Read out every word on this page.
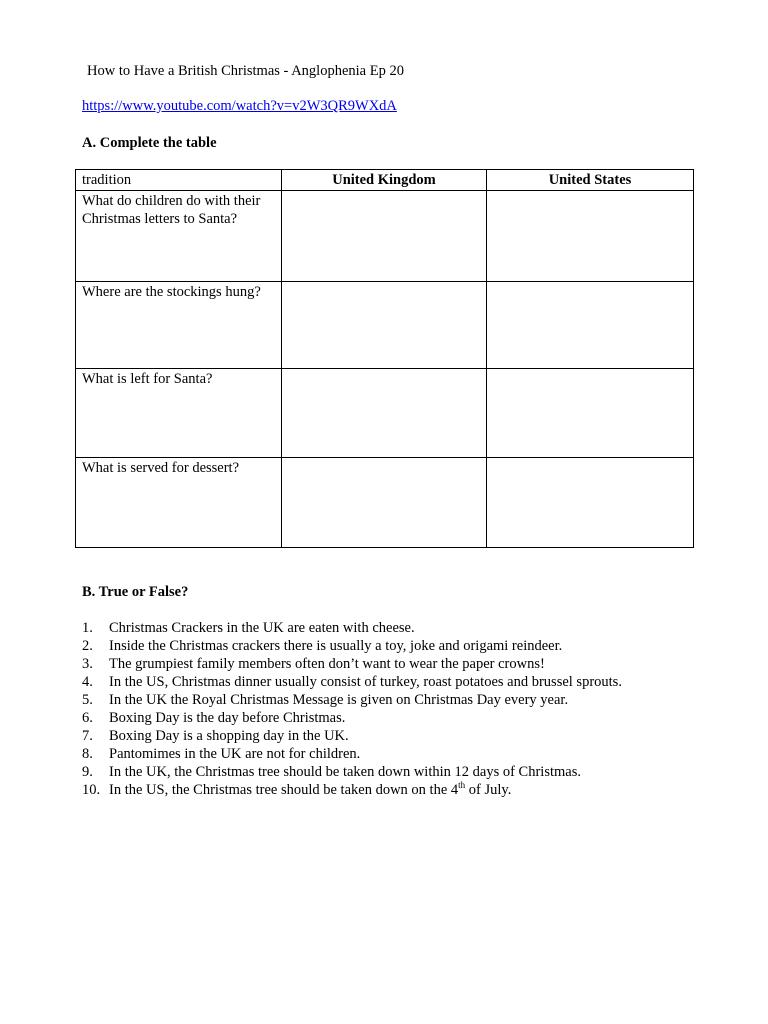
How to Have a British Christmas - Anglophenia Ep 20
https://www.youtube.com/watch?v=v2W3QR9WXdA
A. Complete the table
tradition	United Kingdom	United States
What do children do with their Christmas letters to Santa?		
Where are the stockings hung?		
What is left for Santa?		
What is served for dessert?		
B. True or False?
1. Christmas Crackers in the UK are eaten with cheese.
2. Inside the Christmas crackers there is usually a toy, joke and origami reindeer.
3. The grumpiest family members often don’t want to wear the paper crowns!
4. In the US, Christmas dinner usually consist of turkey, roast potatoes and brussel sprouts.
5. In the UK the Royal Christmas Message is given on Christmas Day every year.
6. Boxing Day is the day before Christmas.
7. Boxing Day is a shopping day in the UK.
8. Pantomimes in the UK are not for children.
9. In the UK, the Christmas tree should be taken down within 12 days of Christmas.
10. In the US, the Christmas tree should be taken down on the 4th of July.
